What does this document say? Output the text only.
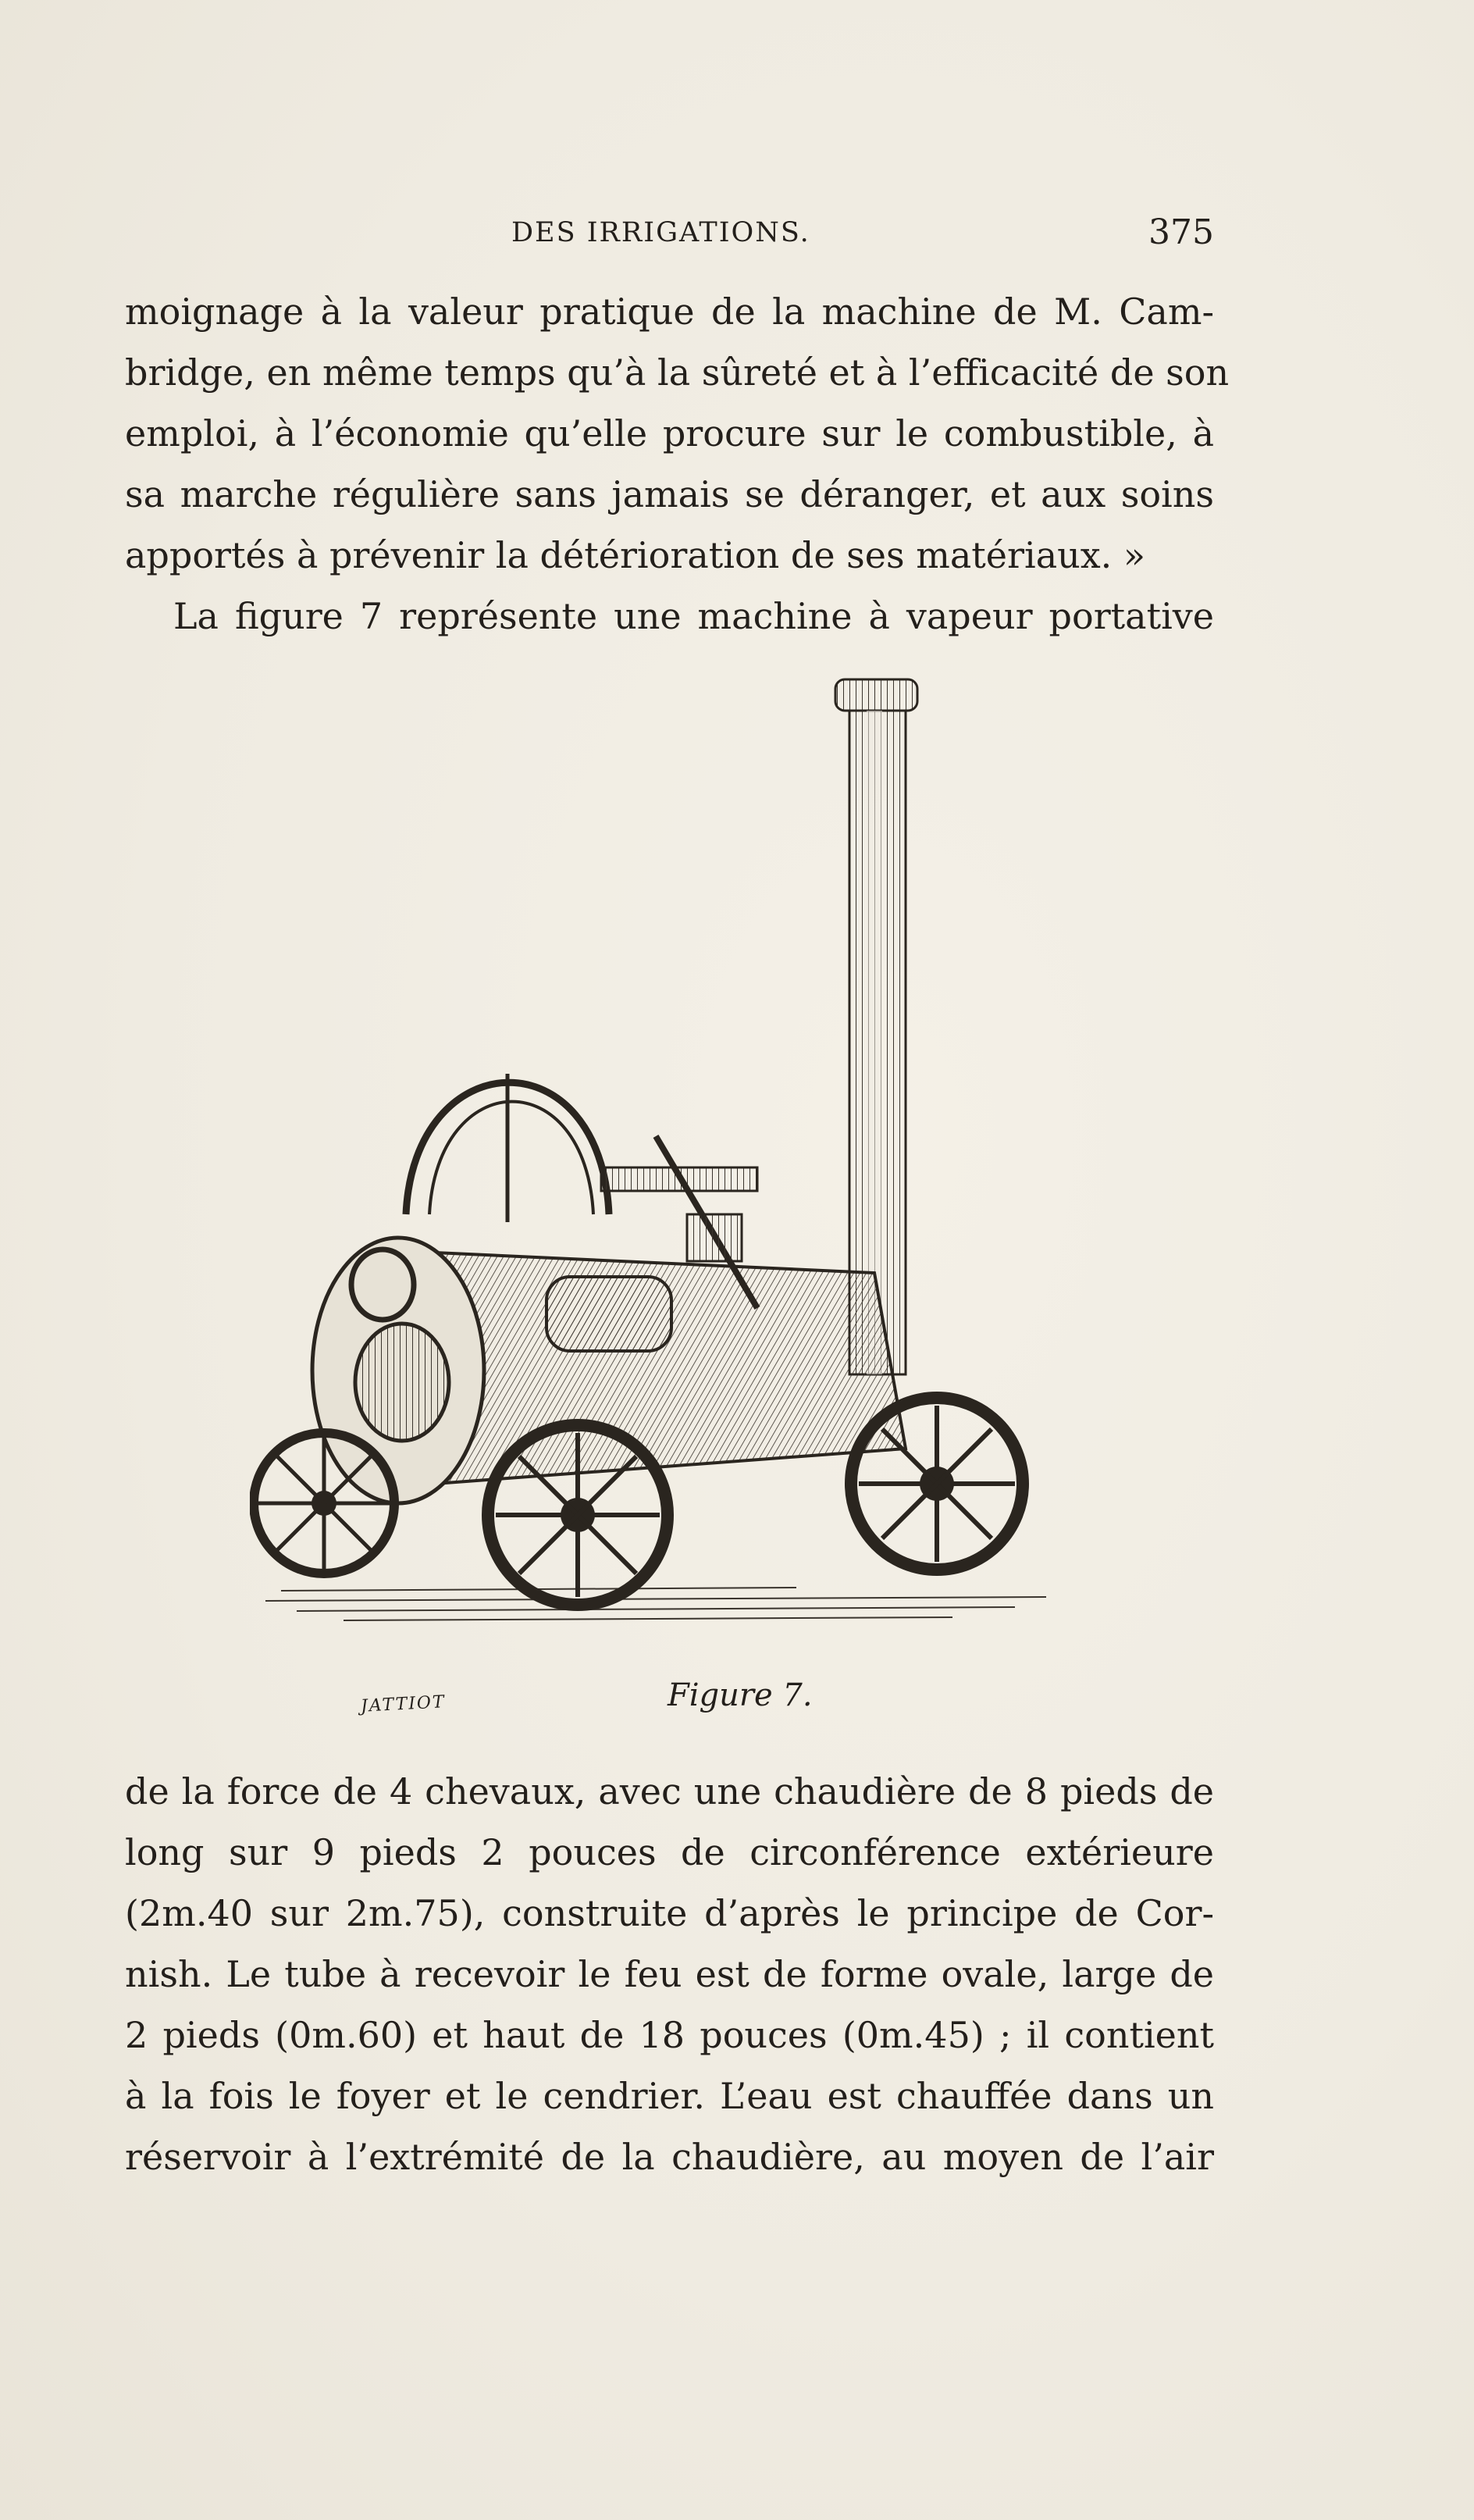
DES IRRIGATIONS.	375
moignage à la valeur pratique de la machine de M. Cam-
bridge, en même temps qu’à la sûreté et à l’efficacité de son
emploi, à l’économie qu’elle procure sur le combustible, à
sa marche régulière sans jamais se déranger, et aux soins
apportés à prévenir la détérioration de ses matériaux. »
La figure 7 représente une machine à vapeur portative
JATTIOT	Figure 7.
de la force de 4 chevaux, avec une chaudière de 8 pieds de
long sur 9 pieds 2 pouces de circonférence extérieure
(2m.40 sur 2m.75), construite d’après le principe de Cor-
nish. Le tube à recevoir le feu est de forme ovale, large de
2 pieds (0m.60) et haut de 18 pouces (0m.45) ; il contient
à la fois le foyer et le cendrier. L’eau est chauffée dans un
réservoir à l’extrémité de la chaudière, au moyen de l’air
